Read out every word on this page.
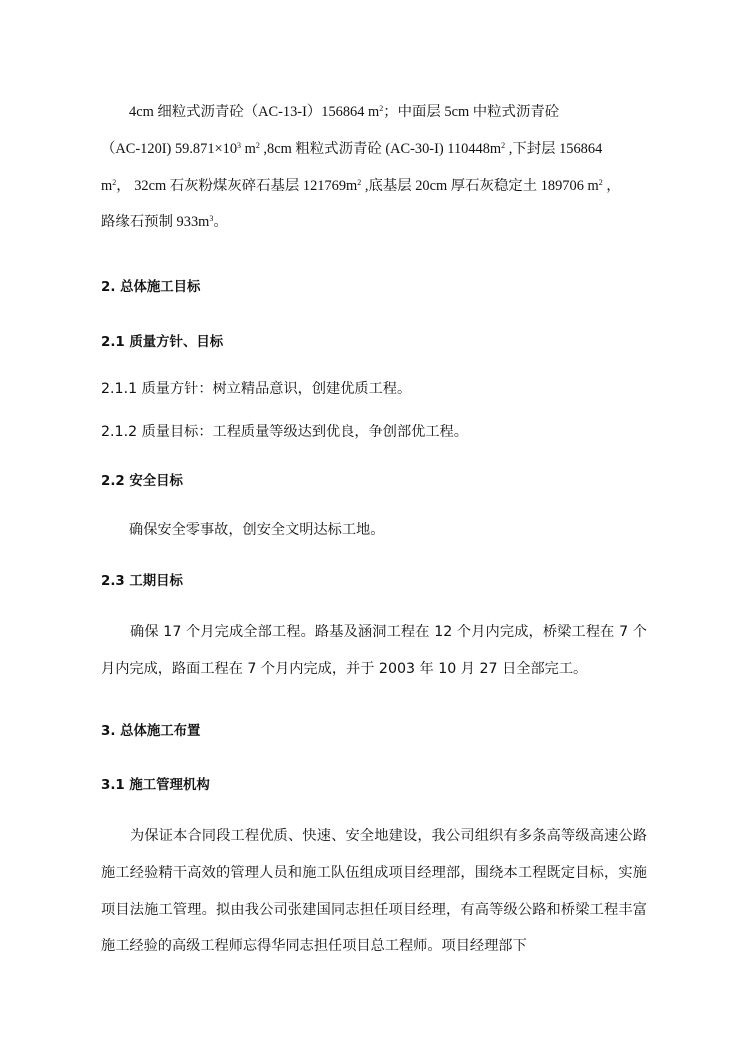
4cm 细粒式沥青砼（AC-13-I）156864 $m^2$；中面层 5cm 中粒式沥青砼
（AC-120I) $59.871\times 10^3$ $m^2$ ,8cm 粗粒式沥青砼 (AC-30-I) $110448m^2$ ,下封层 156864
$m^2$， 32cm 石灰粉煤灰碎石基层 $121769m^2$ ,底基层 20cm 厚石灰稳定土 189706 $m^2$ ，
路缘石预制 $933m^3$。
2. 总体施工目标
2.1 质量方针、目标
2.1.1 质量方针：树立精品意识，创建优质工程。
2.1.2 质量目标：工程质量等级达到优良，争创部优工程。
2.2 安全目标
确保安全零事故，创安全文明达标工地。
2.3 工期目标
确保 17 个月完成全部工程。路基及涵洞工程在 12 个月内完成，桥梁工程在 7 个月内完成，路面工程在 7 个月内完成，并于 2003 年 10 月 27 日全部完工。
3. 总体施工布置
3.1 施工管理机构
为保证本合同段工程优质、快速、安全地建设，我公司组织有多条高等级高速公路施工经验精干高效的管理人员和施工队伍组成项目经理部，围绕本工程既定目标，实施项目法施工管理。拟由我公司张建国同志担任项目经理，有高等级公路和桥梁工程丰富施工经验的高级工程师忘得华同志担任项目总工程师。项目经理部下
